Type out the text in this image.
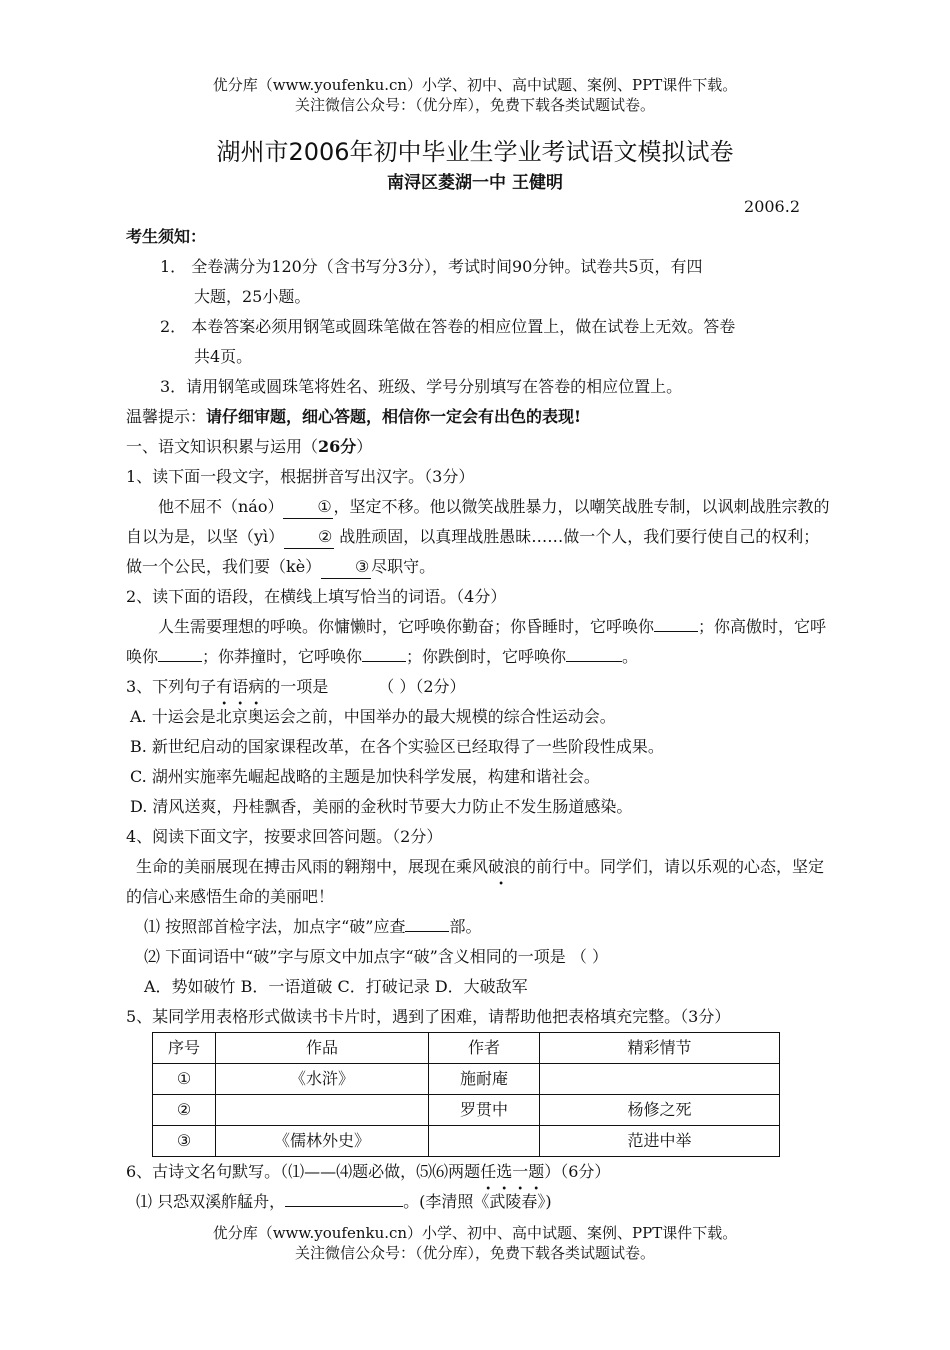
优分库（www.youfenku.cn）小学、初中、高中试题、案例、PPT课件下载。
关注微信公众号：（优分库），免费下载各类试题试卷。
湖州市2006年初中毕业生学业考试语文模拟试卷
南浔区菱湖一中 王健明
2006.2

考生须知：

1． 全卷满分为120分（含书写分3分），考试时间90分钟。试卷共5页，有四

大题，25小题。

2． 本卷答案必须用钢笔或圆珠笔做在答卷的相应位置上，做在试卷上无效。答卷

共4页。

3．请用钢笔或圆珠笔将姓名、班级、学号分别填写在答卷的相应位置上。

温馨提示：请仔细审题，细心答题，相信你一定会有出色的表现!

一、语文知识积累与运用（26分）

1、读下面一段文字，根据拼音写出汉字。（3分）

他不屈不（náo） ① ，坚定不移。他以微笑战胜暴力，以嘲笑战胜专制，以讽刺战胜宗教的自以为是，以坚（yì） ② 战胜顽固，以真理战胜愚昧……做一个人，我们要行使自己的权利；做一个公民，我们要（kè） ③ 尽职守。

2、读下面的语段，在横线上填写恰当的词语。（4分）

人生需要理想的呼唤。你慵懒时，它呼唤你勤奋；你昏睡时，它呼唤你	；你高傲时，它呼唤你	；你莽撞时，它呼唤你	；你跌倒时，它呼唤你	。

3、下列句子有语病的一项是	（ ）（2分）

A. 十运会是北京奥运会之前，中国举办的最大规模的综合性运动会。

B. 新世纪启动的国家课程改革，在各个实验区已经取得了一些阶段性成果。

C. 湖州实施率先崛起战略的主题是加快科学发展，构建和谐社会。

D. 清风送爽，丹桂飘香，美丽的金秋时节要大力防止不发生肠道感染。

4、阅读下面文字，按要求回答问题。（2分）

生命的美丽展现在搏击风雨的翱翔中，展现在乘风破浪的前行中。同学们，请以乐观的心态，坚定的信心来感悟生命的美丽吧！

⑴ 按照部首检字法，加点字“破”应查	部。

⑵ 下面词语中“破”字与原文中加点字“破”含义相同的一项是 （ ）

A．势如破竹 B．一语道破 C．打破记录 D．大破敌军

5、某同学用表格形式做读书卡片时，遇到了困难，请帮助他把表格填充完整。（3分）

序号	作品	作者	精彩情节
①	《水浒》	施耐庵	
②		罗贯中	杨修之死
③	《儒林外史》		范进中举

6、古诗文名句默写。（⑴——⑷题必做，⑸⑹两题任选一题）（6分）

⑴ 只恐双溪舴艋舟，	。(李清照《武陵春》)

优分库（www.youfenku.cn）小学、初中、高中试题、案例、PPT课件下载。
关注微信公众号：（优分库），免费下载各类试题试卷。
